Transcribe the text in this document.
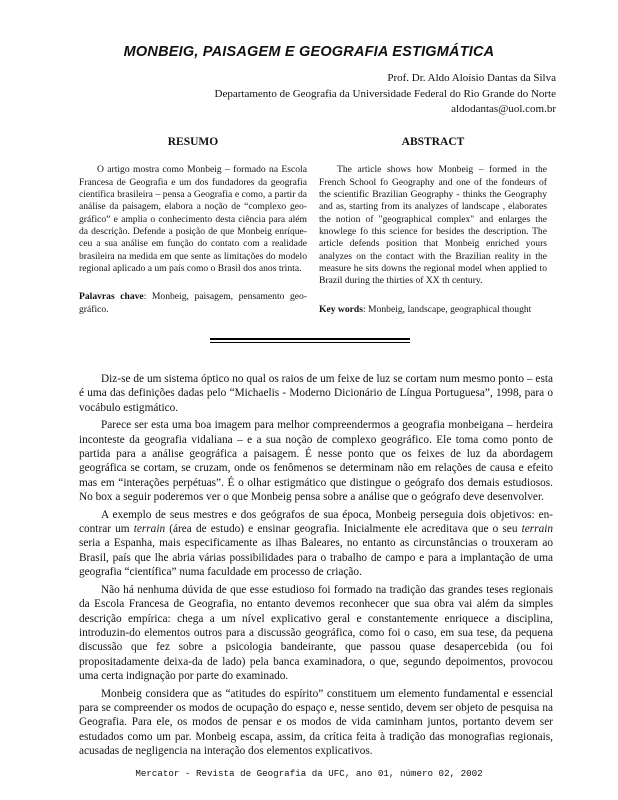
MONBEIG, PAISAGEM E GEOGRAFIA ESTIGMÁTICA
Prof. Dr. Aldo Aloísio Dantas da Silva
Departamento de Geografia da Universidade Federal do Rio Grande do Norte
aldodantas@uol.com.br
RESUMO

O artigo mostra como Monbeig – formado na Escola Francesa de Geografia e um dos fundadores da geografia científica brasileira – pensa a Geografia e como, a partir da análise da paisagem, elabora a noção de “complexo geo-gráfico” e amplia o conhecimento desta ciência para além da descrição. Defende a posição de que Monbeig enríque-ceu a sua análise em função do contato com a realidade brasileira na medida em que sente as limitações do modelo regional aplicado a um país como o Brasil dos anos trinta.

Palavras chave: Monbeig, paisagem, pensamento geo-gráfico.
ABSTRACT

The article shows how Monbeig – formed in the French School fo Geography and one of the fondeurs of the scientific Brazilian Geography - thinks the Geography and as, starting from its analyzes of landscape , elaborates the notion of "geographical complex" and enlarges the knowlege fo this science for besides the description. The article defends position that Monbeig enriched yours analyzes on the contact with the Brazilian reality in the measure he sits downs the regional model when applied to Brazil during the thirties of XX th century.

Key words: Monbeig, landscape, geographical thought

Diz-se de um sistema óptico no qual os raios de um feixe de luz se cortam num mesmo ponto – esta é uma das definições dadas pelo “Michaelis - Moderno Dicionário de Língua Portuguesa”, 1998, para o vocábulo estigmático.

Parece ser esta uma boa imagem para melhor compreendermos a geografia monbeigana – herdeira inconteste da geografia vidaliana – e a sua noção de complexo geográfico. Ele toma como ponto de partida para a análise geográfica a paisagem. É nesse ponto que os feixes de luz da abordagem geográfica se cortam, se cruzam, onde os fenômenos se determinam não em relações de causa e efeito mas em “interações perpétuas”. É o olhar estigmático que distingue o geógrafo dos demais estudiosos. No box a seguir poderemos ver o que Monbeig pensa sobre a análise que o geógrafo deve desenvolver.

A exemplo de seus mestres e dos geógrafos de sua época, Monbeig perseguia dois objetivos: en-contrar um terrain (área de estudo) e ensinar geografia. Inicialmente ele acreditava que o seu terrain seria a Espanha, mais especificamente as ilhas Baleares, no entanto as circunstâncias o trouxeram ao Brasil, país que lhe abria várias possibilidades para o trabalho de campo e para a implantação de uma geografia “científica” numa faculdade em processo de criação.

Não há nenhuma dúvida de que esse estudioso foi formado na tradição das grandes teses regionais da Escola Francesa de Geografia, no entanto devemos reconhecer que sua obra vai além da simples descrição empírica: chega a um nível explicativo geral e constantemente enriquece a disciplina, introduzin-do elementos outros para a discussão geográfica, como foi o caso, em sua tese, da pequena discussão que fez sobre a psicologia bandeirante, que passou quase desapercebida (ou foi propositadamente deixa-da de lado) pela banca examinadora, o que, segundo depoimentos, provocou uma certa indignação por parte do examinado.

Monbeig considera que as “atitudes do espírito” constituem um elemento fundamental e essencial para se compreender os modos de ocupação do espaço e, nesse sentido, devem ser objeto de pesquisa na Geografia. Para ele, os modos de pensar e os modos de vida caminham juntos, portanto devem ser estudados como um par. Monbeig escapa, assim, da crítica feita à tradição das monografias regionais, acusadas de negligencia na interação dos elementos explicativos.

Mercator - Revista de Geografia da UFC, ano 01, número 02, 2002
